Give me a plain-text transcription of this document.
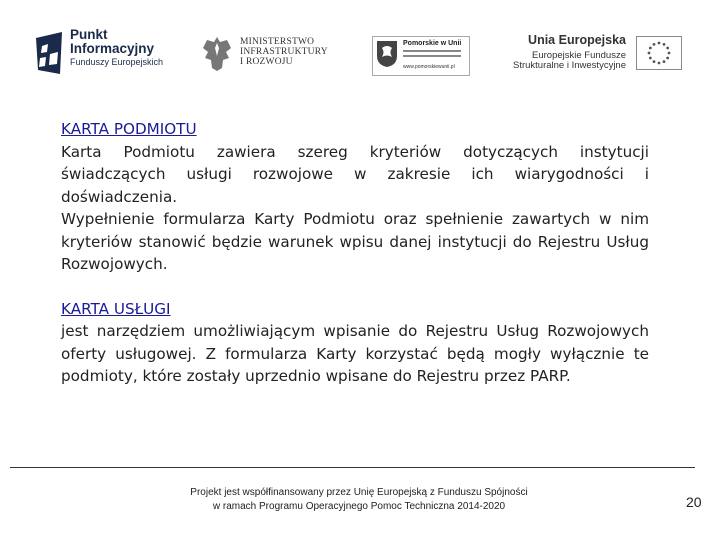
Punkt
Informacyjny
Funduszy Europejskich
MINISTERSTWO
INFRASTRUKTURY
I ROZWOJU
Pomorskie w Unii
www.pomorskiewunii.pl
Unia Europejska
Europejskie Fundusze
Strukturalne i Inwestycyjne
KARTA PODMIOTU
Karta Podmiotu zawiera szereg kryteriów dotyczących instytucji świadczących usługi rozwojowe w zakresie ich wiarygodności i doświadczenia.
Wypełnienie formularza Karty Podmiotu oraz spełnienie zawartych w nim kryteriów stanowić będzie warunek wpisu danej instytucji do Rejestru Usług Rozwojowych.
KARTA USŁUGI
jest narzędziem umożliwiającym wpisanie do Rejestru Usług Rozwojowych oferty usługowej. Z formularza Karty korzystać będą mogły wyłącznie te podmioty, które zostały uprzednio wpisane do Rejestru przez PARP.
Projekt jest współfinansowany przez Unię Europejską z Funduszu Spójności
w ramach Programu Operacyjnego Pomoc Techniczna 2014-2020	20
